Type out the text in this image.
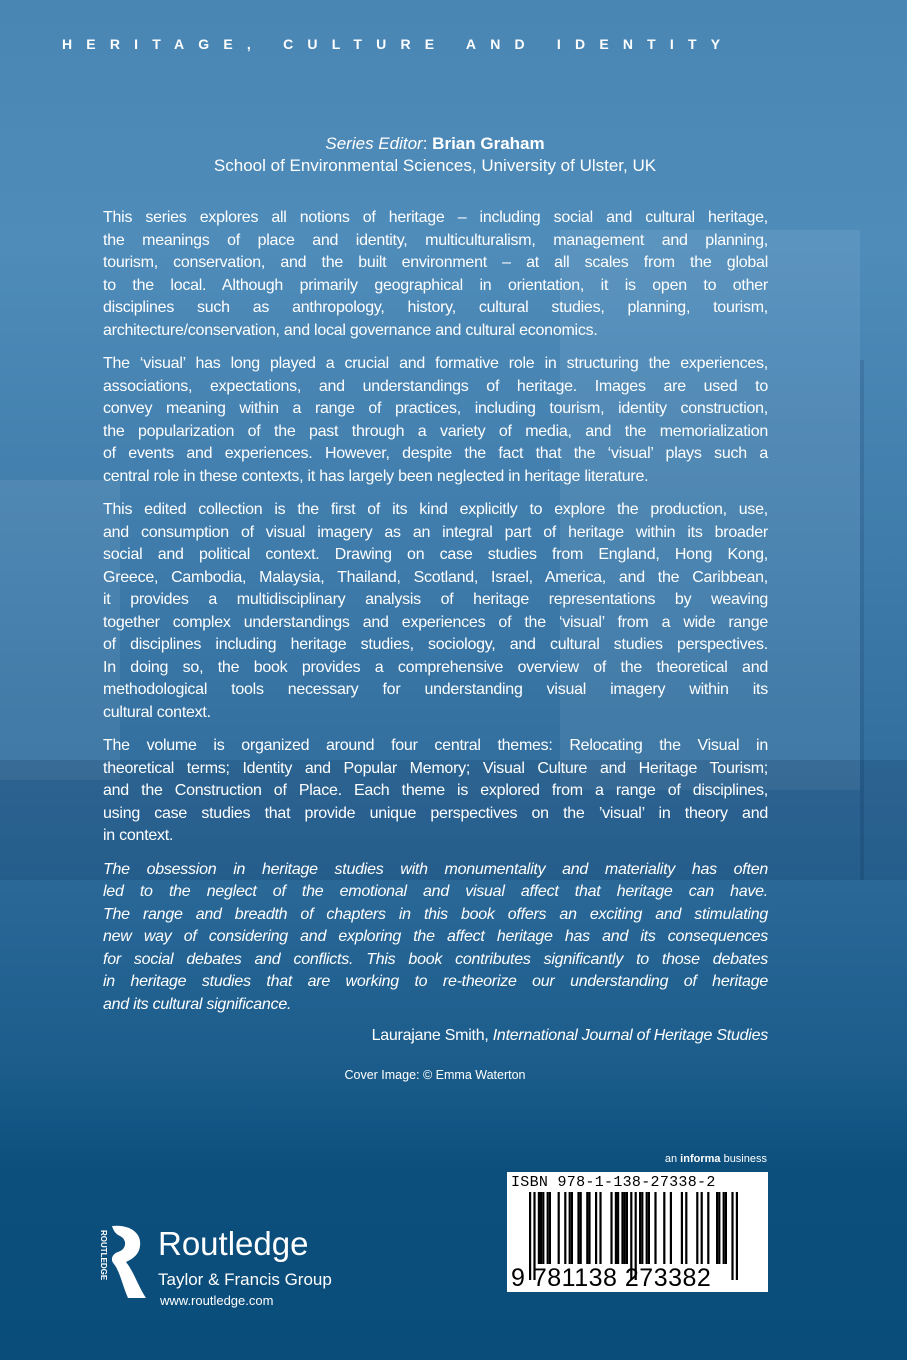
HERITAGE, CULTURE AND IDENTITY
Series Editor: Brian Graham
School of Environmental Sciences, University of Ulster, UK
This series explores all notions of heritage – including social and cultural heritage,
the meanings of place and identity, multiculturalism, management and planning,
tourism, conservation, and the built environment – at all scales from the global
to the local. Although primarily geographical in orientation, it is open to other
disciplines such as anthropology, history, cultural studies, planning, tourism,
architecture/conservation, and local governance and cultural economics.
The ‘visual’ has long played a crucial and formative role in structuring the experiences,
associations, expectations, and understandings of heritage. Images are used to
convey meaning within a range of practices, including tourism, identity construction,
the popularization of the past through a variety of media, and the memorialization
of events and experiences. However, despite the fact that the ‘visual’ plays such a
central role in these contexts, it has largely been neglected in heritage literature.
This edited collection is the first of its kind explicitly to explore the production, use,
and consumption of visual imagery as an integral part of heritage within its broader
social and political context. Drawing on case studies from England, Hong Kong,
Greece, Cambodia, Malaysia, Thailand, Scotland, Israel, America, and the Caribbean,
it provides a multidisciplinary analysis of heritage representations by weaving
together complex understandings and experiences of the ‘visual’ from a wide range
of disciplines including heritage studies, sociology, and cultural studies perspectives.
In doing so, the book provides a comprehensive overview of the theoretical and
methodological tools necessary for understanding visual imagery within its
cultural context.
The volume is organized around four central themes: Relocating the Visual in
theoretical terms; Identity and Popular Memory; Visual Culture and Heritage Tourism;
and the Construction of Place. Each theme is explored from a range of disciplines,
using case studies that provide unique perspectives on the ’visual’ in theory and
in context.
The obsession in heritage studies with monumentality and materiality has often
led to the neglect of the emotional and visual affect that heritage can have.
The range and breadth of chapters in this book offers an exciting and stimulating
new way of considering and exploring the affect heritage has and its consequences
for social debates and conflicts. This book contributes significantly to those debates
in heritage studies that are working to re-theorize our understanding of heritage
and its cultural significance.
Laurajane Smith, International Journal of Heritage Studies
Cover Image: © Emma Waterton
an informa business
ISBN 978-1-138-27338-2
9 781138 273382
ROUTLEDGE Routledge
Taylor & Francis Group
www.routledge.com
